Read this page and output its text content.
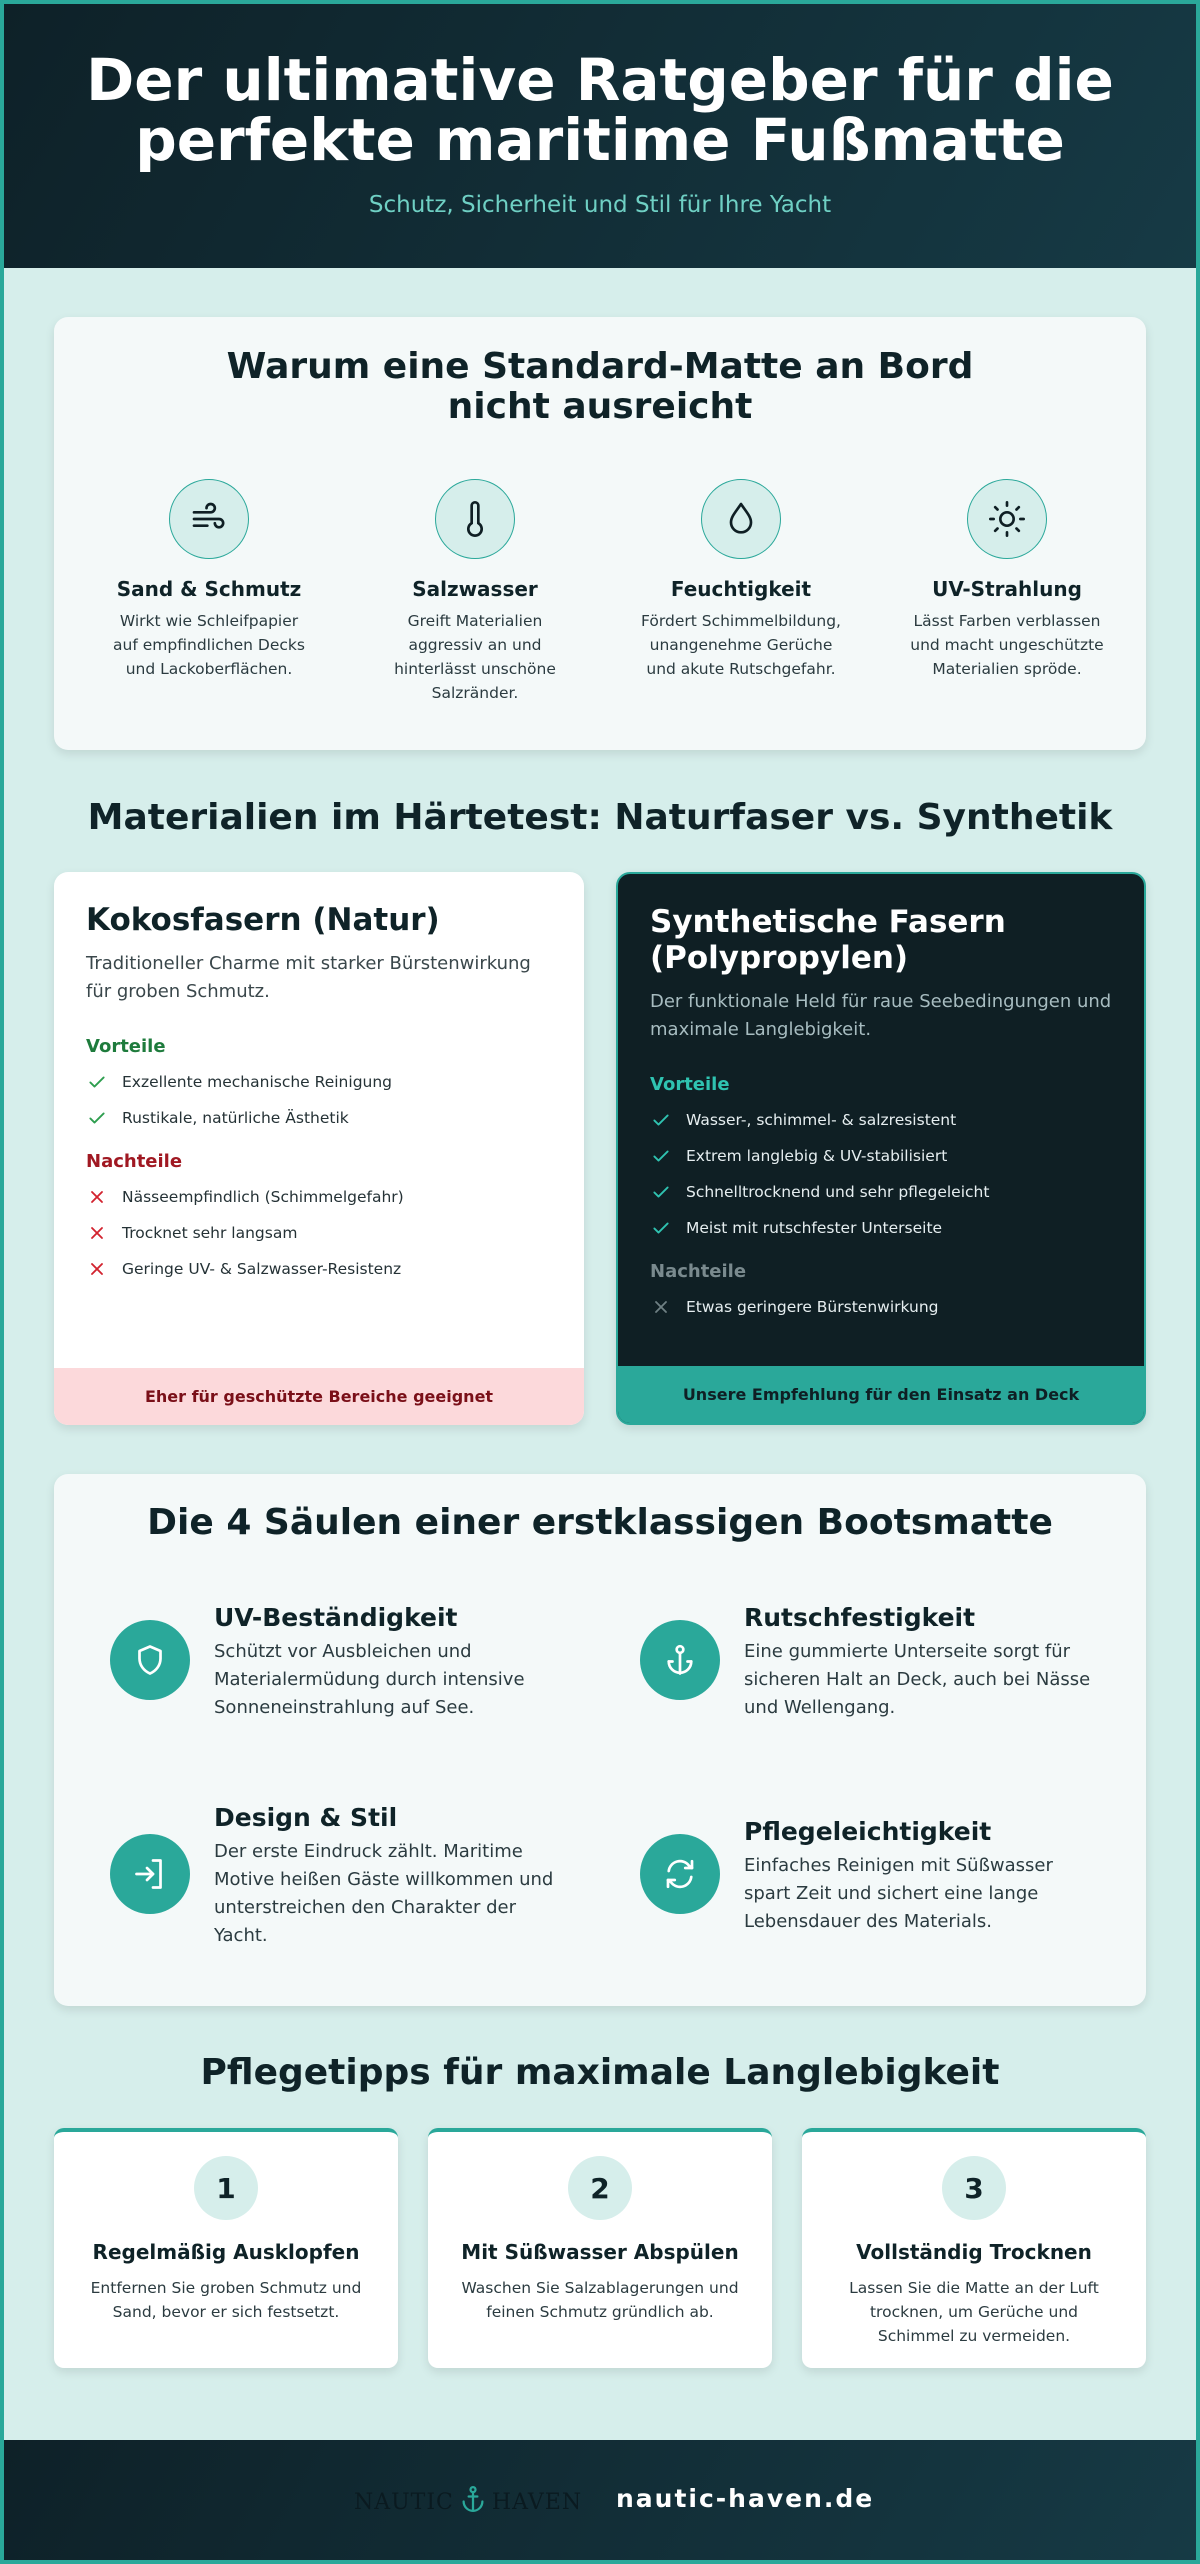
Der ultimative Ratgeber für die perfekte maritime Fußmatte
Schutz, Sicherheit und Stil für Ihre Yacht
Warum eine Standard-Matte an Bord nicht ausreicht
Sand & Schmutz
Wirkt wie Schleifpapier auf empfindlichen Decks und Lackoberflächen.
Salzwasser
Greift Materialien aggressiv an und hinterlässt unschöne Salzränder.
Feuchtigkeit
Fördert Schimmelbildung, unangenehme Gerüche und akute Rutschgefahr.
UV-Strahlung
Lässt Farben verblassen und macht ungeschützte Materialien spröde.
Materialien im Härtetest: Naturfaser vs. Synthetik
Kokosfasern (Natur)
Traditioneller Charme mit starker Bürstenwirkung für groben Schmutz.
Vorteile
Exzellente mechanische Reinigung
Rustikale, natürliche Ästhetik
Nachteile
Nässeempfindlich (Schimmelgefahr)
Trocknet sehr langsam
Geringe UV- & Salzwasser-Resistenz
Eher für geschützte Bereiche geeignet
Synthetische Fasern (Polypropylen)
Der funktionale Held für raue Seebedingungen und maximale Langlebigkeit.
Vorteile
Wasser-, schimmel- & salzresistent
Extrem langlebig & UV-stabilisiert
Schnelltrocknend und sehr pflegeleicht
Meist mit rutschfester Unterseite
Nachteile
Etwas geringere Bürstenwirkung
Unsere Empfehlung für den Einsatz an Deck
Die 4 Säulen einer erstklassigen Bootsmatte
UV-Beständigkeit
Schützt vor Ausbleichen und Materialermüdung durch intensive Sonneneinstrahlung auf See.
Rutschfestigkeit
Eine gummierte Unterseite sorgt für sicheren Halt an Deck, auch bei Nässe und Wellengang.
Design & Stil
Der erste Eindruck zählt. Maritime Motive heißen Gäste willkommen und unterstreichen den Charakter der Yacht.
Pflegeleichtigkeit
Einfaches Reinigen mit Süßwasser spart Zeit und sichert eine lange Lebensdauer des Materials.
Pflegetipps für maximale Langlebigkeit
1
Regelmäßig Ausklopfen
Entfernen Sie groben Schmutz und Sand, bevor er sich festsetzt.
2
Mit Süßwasser Abspülen
Waschen Sie Salzablagerungen und feinen Schmutz gründlich ab.
3
Vollständig Trocknen
Lassen Sie die Matte an der Luft trocknen, um Gerüche und Schimmel zu vermeiden.
NAUTIC HAVEN nautic-haven.de
